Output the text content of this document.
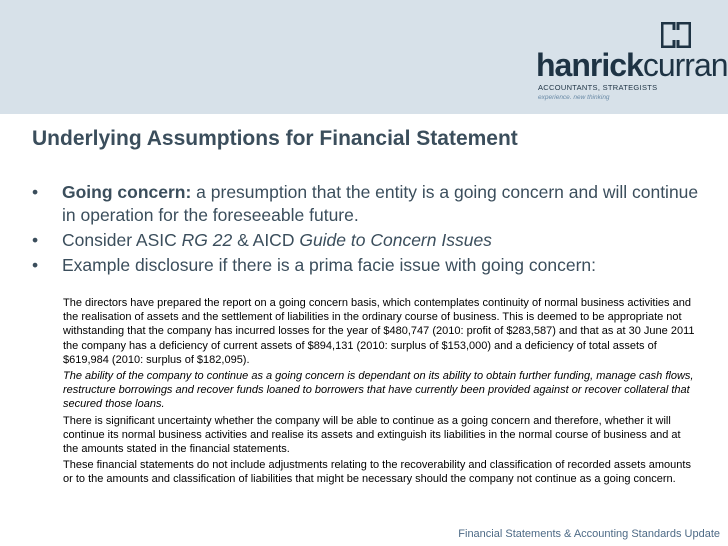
hanrickcurran
ACCOUNTANTS, STRATEGISTS
experience. new thinking
Underlying Assumptions for Financial Statement
• Going concern: a presumption that the entity is a going concern and will continue in operation for the foreseeable future.
• Consider ASIC RG 22 & AICD Guide to Concern Issues
• Example disclosure if there is a prima facie issue with going concern:

The directors have prepared the report on a going concern basis, which contemplates continuity of normal business activities and the realisation of assets and the settlement of liabilities in the ordinary course of business. This is deemed to be appropriate not withstanding that the company has incurred losses for the year of $480,747 (2010: profit of $283,587) and that as at 30 June 2011 the company has a deficiency of current assets of $894,131 (2010: surplus of $153,000) and a deficiency of total assets of $619,984 (2010: surplus of $182,095).

The ability of the company to continue as a going concern is dependant on its ability to obtain further funding, manage cash flows, restructure borrowings and recover funds loaned to borrowers that have currently been provided against or recover collateral that secured those loans.

There is significant uncertainty whether the company will be able to continue as a going concern and therefore, whether it will continue its normal business activities and realise its assets and extinguish its liabilities in the normal course of business and at the amounts stated in the financial statements.

These financial statements do not include adjustments relating to the recoverability and classification of recorded assets amounts or to the amounts and classification of liabilities that might be necessary should the company not continue as a going concern.

Financial Statements & Accounting Standards Update
